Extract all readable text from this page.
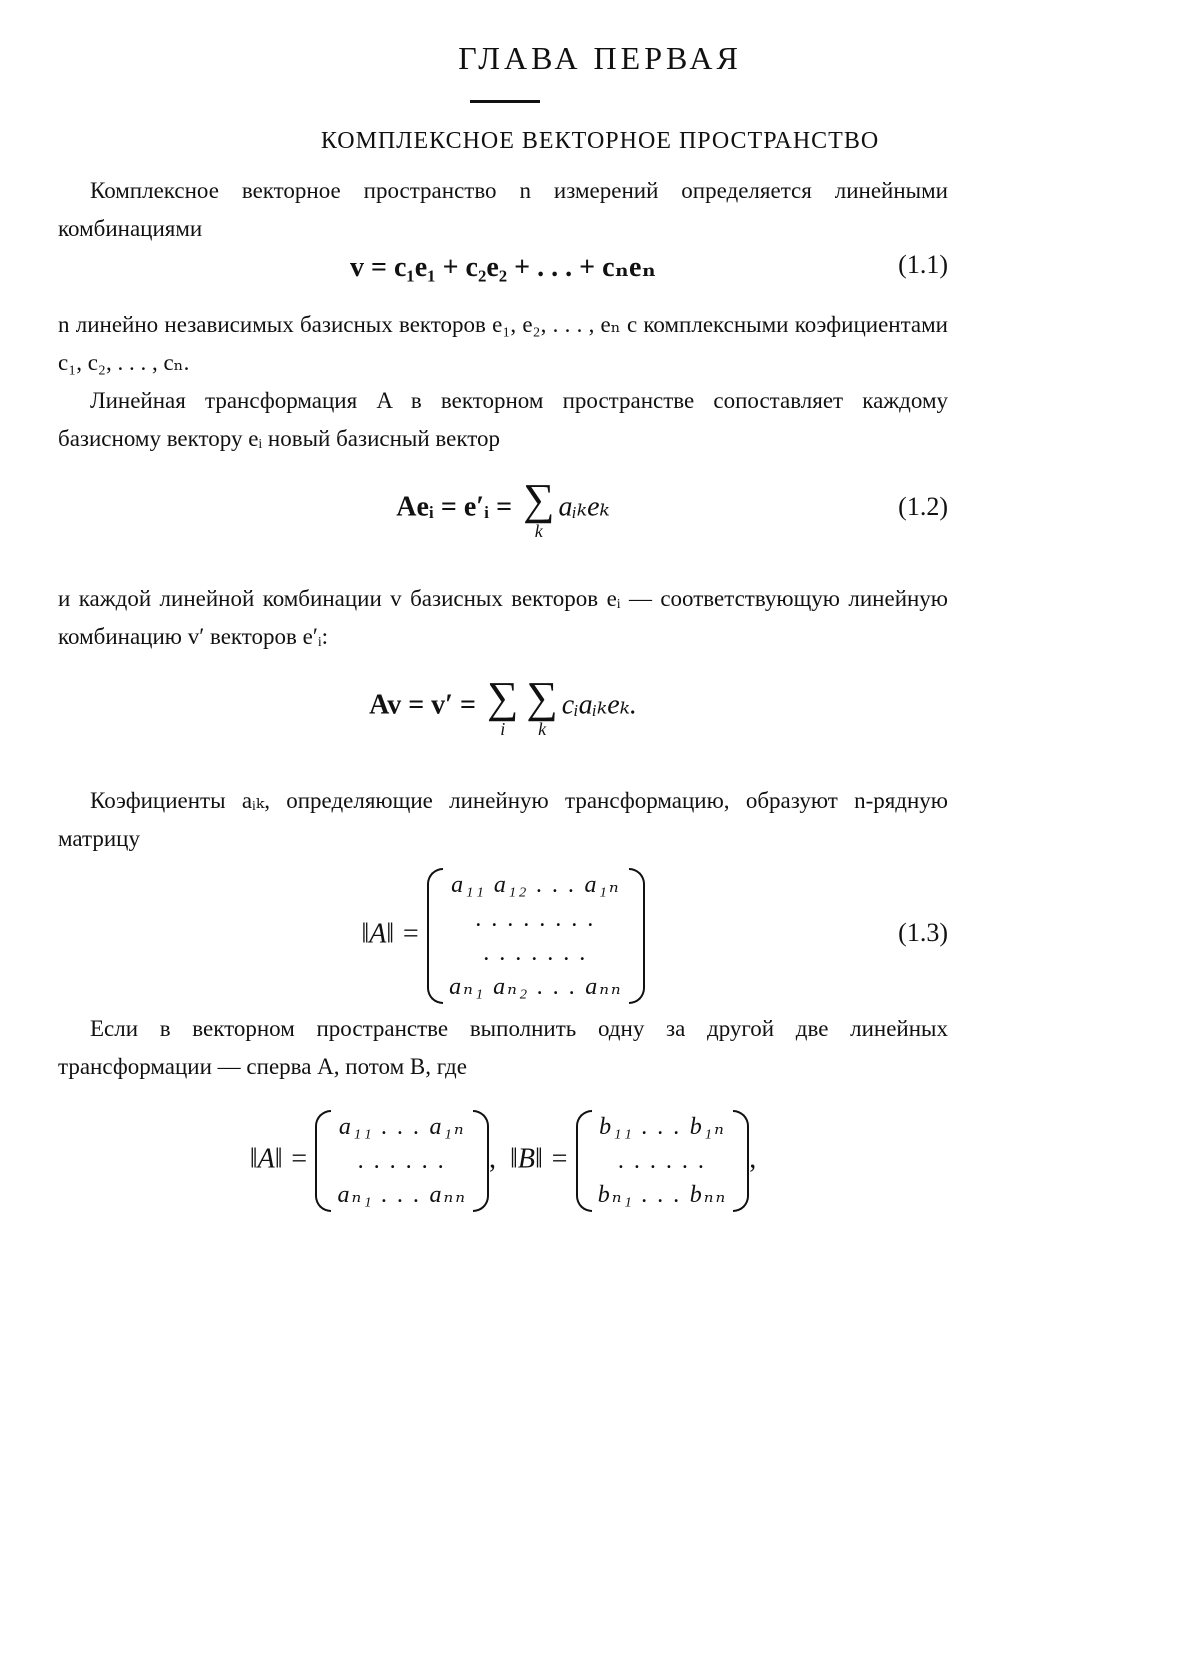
ГЛАВА ПЕРВАЯ
КОМПЛЕКСНОЕ ВЕКТОРНОЕ ПРОСТРАНСТВО
Комплексное векторное пространство n измерений определяется линейными комбинациями
v = c₁e₁ + c₂e₂ + . . . + cₙeₙ	(1.1)
n линейно независимых базисных векторов e₁, e₂, . . . , eₙ с комплексными коэфициентами c₁, c₂, . . . , cₙ.
Линейная трансформация A в векторном пространстве сопоставляет каждому базисному вектору eᵢ новый базисный вектор
Aeᵢ = e′ᵢ = ∑
k
aᵢₖeₖ	(1.2)
и каждой линейной комбинации v базисных векторов eᵢ — соответствующую линейную комбинацию v′ векторов e′ᵢ:
Av = v′ = ∑
i
∑
k
cᵢaᵢₖeₖ.
Коэфициенты aᵢₖ, определяющие линейную трансформацию, образуют n-рядную матрицу
‖A‖ =
a₁₁ a₁₂ . . . a₁ₙ
. . . . . . . .
. . . . . . .
aₙ₁ aₙ₂ . . . aₙₙ
(1.3)
Если в векторном пространстве выполнить одну за другой две линейных трансформации — сперва A, потом B, где
‖A‖ =
a₁₁ . . . a₁ₙ
. . . . . .
aₙ₁ . . . aₙₙ
, ‖B‖ =
b₁₁ . . . b₁ₙ
. . . . . .
bₙ₁ . . . bₙₙ
,
